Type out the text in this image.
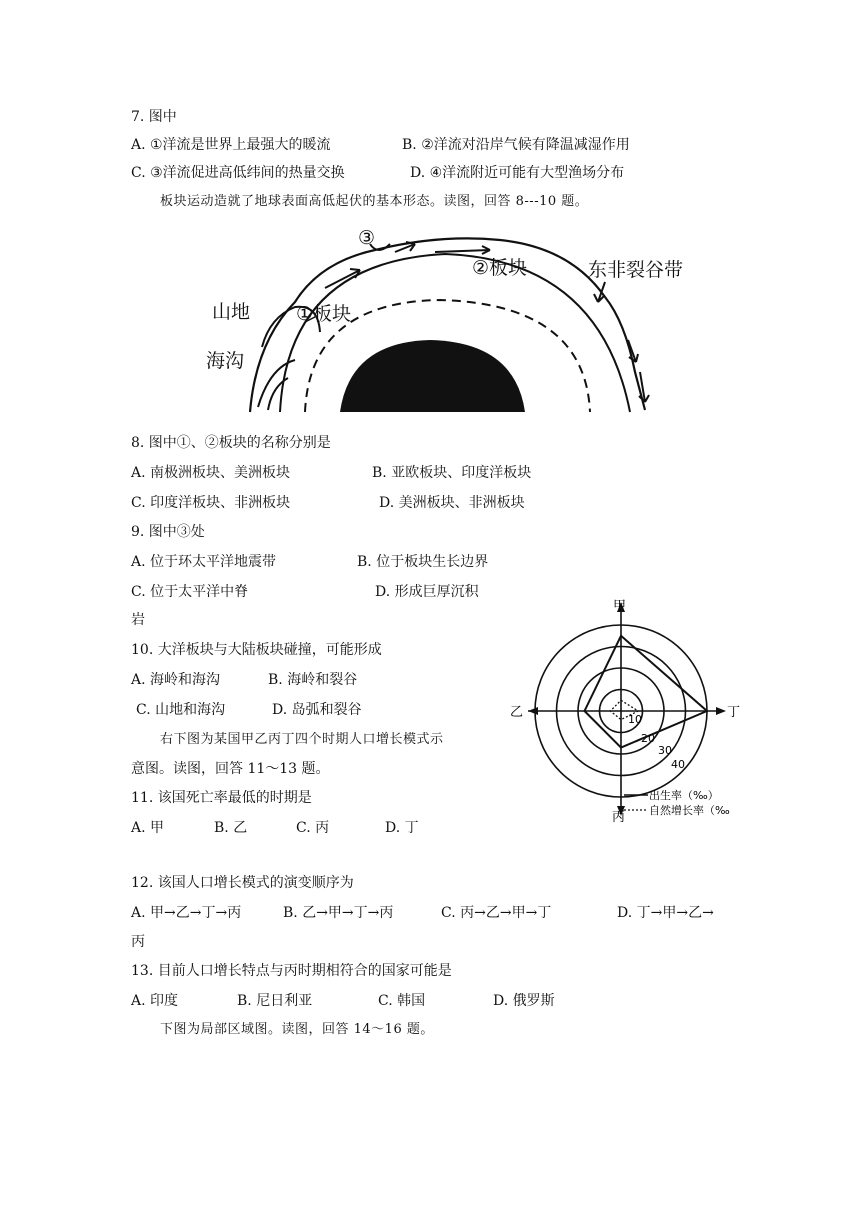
7. 图中
A. ①洋流是世界上最强大的暖流	B. ②洋流对沿岸气候有降温减湿作用
C. ③洋流促进高低纬间的热量交换	D. ④洋流附近可能有大型渔场分布
板块运动造就了地球表面高低起伏的基本形态。读图，回答 8---10 题。
③
②板块	东非裂谷带
山地 ①板块
海沟
8. 图中①、②板块的名称分别是
A. 南极洲板块、美洲板块	B. 亚欧板块、印度洋板块
C. 印度洋板块、非洲板块	D. 美洲板块、非洲板块
9. 图中③处
A. 位于环太平洋地震带	B. 位于板块生长边界
C. 位于太平洋中脊	D. 形成巨厚沉积
岩
10. 大洋板块与大陆板块碰撞，可能形成
A. 海岭和海沟	B. 海岭和裂谷
C. 山地和海沟	D. 岛弧和裂谷
右下图为某国甲乙丙丁四个时期人口增长模式示
意图。读图，回答 11～13 题。
甲
乙	丁
丙
10
20
30
40
出生率（‰）
自然增长率（‰
11. 该国死亡率最低的时期是
A. 甲	B. 乙	C. 丙	D. 丁
12. 该国人口增长模式的演变顺序为
A. 甲→乙→丁→丙	B. 乙→甲→丁→丙	C. 丙→乙→甲→丁	D. 丁→甲→乙→
丙
13. 目前人口增长特点与丙时期相符合的国家可能是
A. 印度	B. 尼日利亚	C. 韩国	D. 俄罗斯
下图为局部区域图。读图，回答 14～16 题。
